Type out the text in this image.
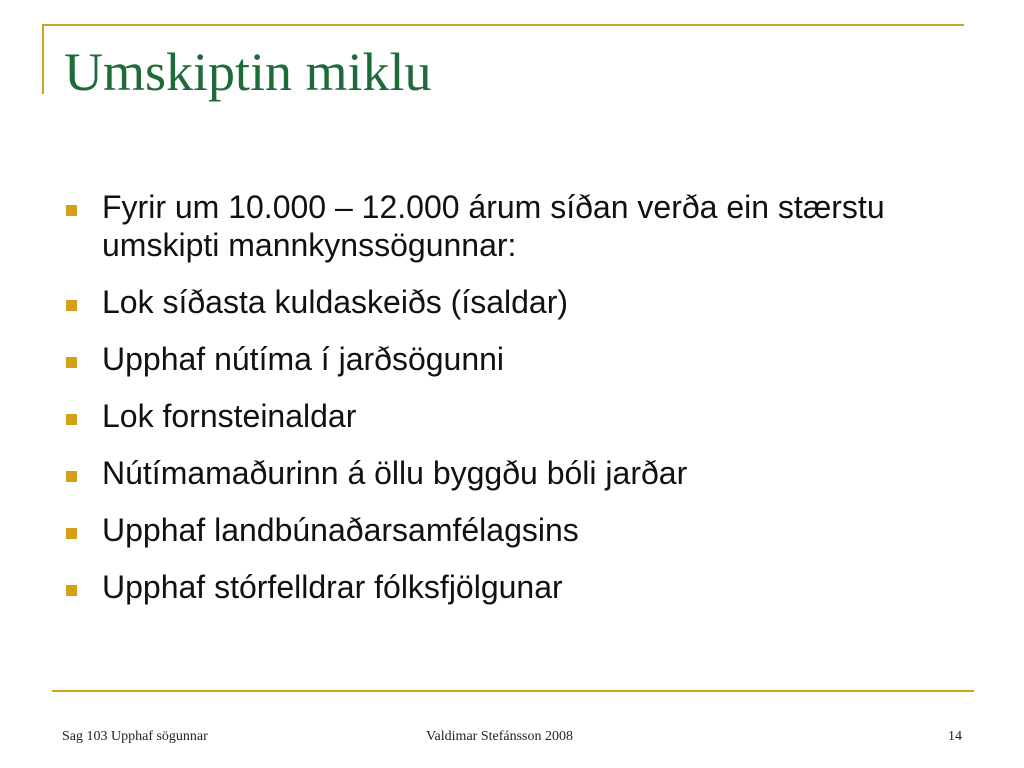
Umskiptin miklu
Fyrir um 10.000 – 12.000 árum síðan verða ein stærstu umskipti mannkynssögunnar:
Lok síðasta kuldaskeiðs (ísaldar)
Upphaf nútíma í jarðsögunni
Lok fornsteinaldar
Nútímamaðurinn á öllu byggðu bóli jarðar
Upphaf landbúnaðarsamfélagsins
Upphaf stórfelldrar fólksfjölgunar
Sag 103 Upphaf sögunnar	Valdimar Stefánsson 2008	14
